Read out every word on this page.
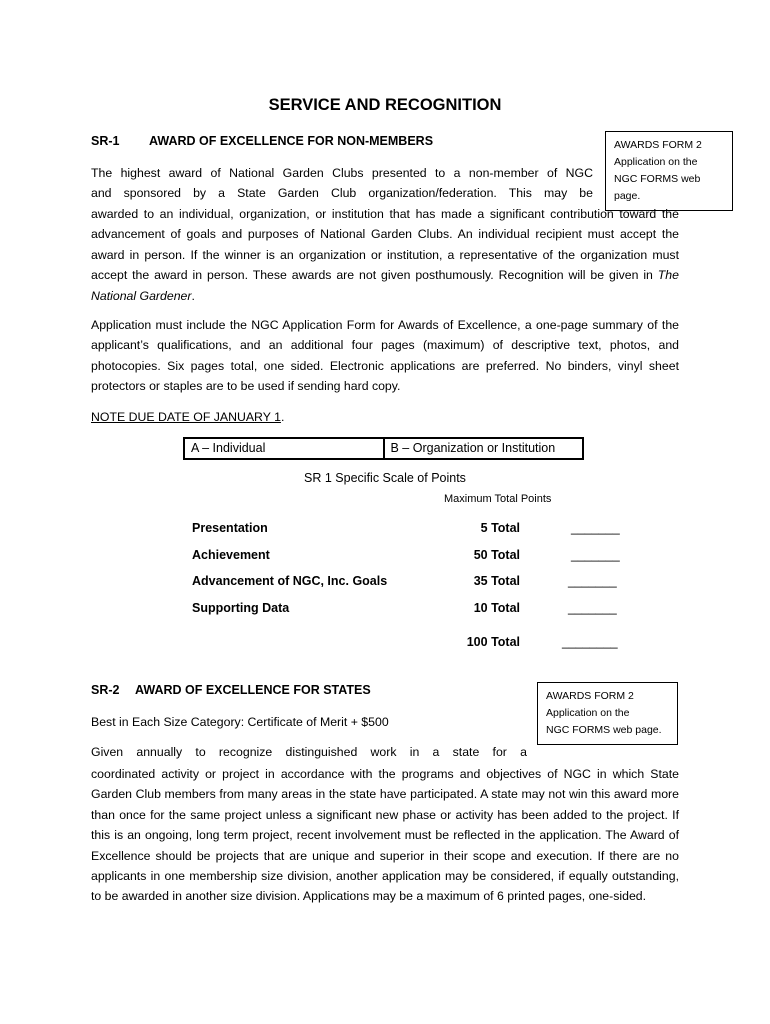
SERVICE AND RECOGNITION
SR-1 AWARD OF EXCELLENCE FOR NON-MEMBERS	AWARDS FORM 2
Application on the
NGC FORMS web page.

The highest award of National Garden Clubs presented to a non-member of NGC

and sponsored by a State Garden Club organization/federation. This may be

awarded to an individual, organization, or institution that has made a significant contribution toward the advancement of goals and purposes of National Garden Clubs. An individual recipient must accept the award in person. If the winner is an organization or institution, a representative of the organization must accept the award in person. These awards are not given posthumously. Recognition will be given in The National Gardener.

Application must include the NGC Application Form for Awards of Excellence, a one-page summary of the applicant’s qualifications, and an additional four pages (maximum) of descriptive text, photos, and photocopies. Six pages total, one sided. Electronic applications are preferred. No binders, vinyl sheet protectors or staples are to be used if sending hard copy.

NOTE DUE DATE OF JANUARY 1.
A – Individual	B – Organization or Institution
SR 1 Specific Scale of Points
Maximum Total Points
Presentation	5 Total	_______
Achievement	50 Total	_______
Advancement of NGC, Inc. Goals	35 Total	_______
Supporting Data	10 Total	_______
100 Total	________
SR-2 AWARD OF EXCELLENCE FOR STATES	AWARDS FORM 2
Application on the
NGC FORMS web page.
Best in Each Size Category: Certificate of Merit + $500

Given annually to recognize distinguished work in a state for a

coordinated activity or project in accordance with the programs and objectives of NGC in which State Garden Club members from many areas in the state have participated. A state may not win this award more than once for the same project unless a significant new phase or activity has been added to the project. If this is an ongoing, long term project, recent involvement must be reflected in the application. The Award of Excellence should be projects that are unique and superior in their scope and execution. If there are no applicants in one membership size division, another application may be considered, if equally outstanding, to be awarded in another size division. Applications may be a maximum of 6 printed pages, one-sided.
